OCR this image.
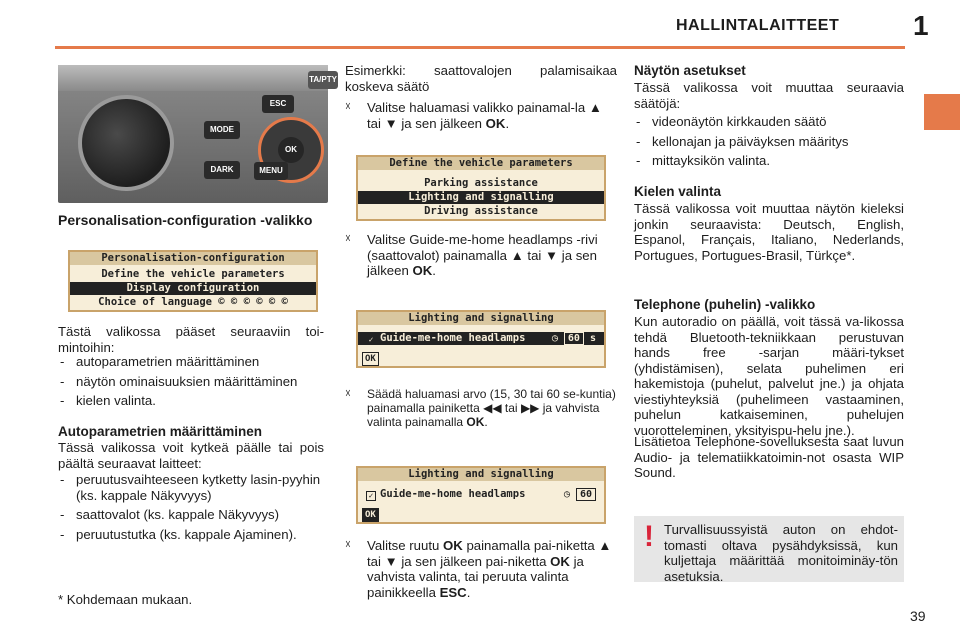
HALLINTALAITTEET	1
TA/PTY
MODE
DARK
ESC
OK
MENU
Personalisation-configuration -valikko
Personalisation-configuration
Define the vehicle parameters
Display configuration
Choice of language © © © © © ©
Tästä valikossa pääset seuraaviin toi-mintoihin:
- autoparametrien määrittäminen
- näytön ominaisuuksien määrittäminen
- kielen valinta.
Autoparametrien määrittäminen
Tässä valikossa voit kytkeä päälle tai pois päältä seuraavat laitteet:
- peruutusvaihteeseen kytketty lasin-pyyhin (ks. kappale Näkyvyys)
- saattovalot (ks. kappale Näkyvyys)
- peruutustutka (ks. kappale Ajaminen).
* Kohdemaan mukaan.
Esimerkki: saattovalojen palamisaikaa koskeva säätö
☓ Valitse haluamasi valikko painamal-la ▲ tai ▼ ja sen jälkeen OK.
Define the vehicle parameters
Parking assistance
Lighting and signalling
Driving assistance
☓ Valitse Guide-me-home headlamps -rivi (saattovalot) painamalla ▲ tai ▼ ja sen jälkeen OK.
Lighting and signalling
✓ Guide-me-home headlamps	◷ 60 s
OK
☓ Säädä haluamasi arvo (15, 30 tai 60 se-kuntia) painamalla painiketta ◀◀ tai ▶▶ ja vahvista valinta painamalla OK.
Lighting and signalling
✓ Guide-me-home headlamps	◷ 60
OK
☓ Valitse ruutu OK painamalla pai-niketta ▲ tai ▼ ja sen jälkeen pai-niketta OK ja vahvista valinta, tai peruuta valinta painikkeella ESC.
Näytön asetukset
Tässä valikossa voit muuttaa seuraavia säätöjä:
- videonäytön kirkkauden säätö
- kellonajan ja päiväyksen määritys
- mittayksikön valinta.
Kielen valinta
Tässä valikossa voit muuttaa näytön kieleksi jonkin seuraavista: Deutsch, English, Espanol, Français, Italiano, Nederlands, Portugues, Portugues-Brasil, Türkçe*.
Telephone (puhelin) -valikko
Kun autoradio on päällä, voit tässä va-likossa tehdä Bluetooth-tekniikkaan perustuvan hands free -sarjan määri-tykset (yhdistämisen), selata puhelimen eri hakemistoja (puhelut, palvelut jne.) ja ohjata viestiyhteyksiä (puhelimeen vastaaminen, puhelun katkaiseminen, puhelujen vuorotteleminen, yksityispu-helu jne.).
Lisätietoa Telephone-sovelluksesta saat luvun Audio- ja telematiikkatoimin-not osasta WIP Sound.
! Turvallisuussyistä auton on ehdot-tomasti oltava pysähdyksissä, kun kuljettaja määrittää monitoiminäy-tön asetuksia.
39
